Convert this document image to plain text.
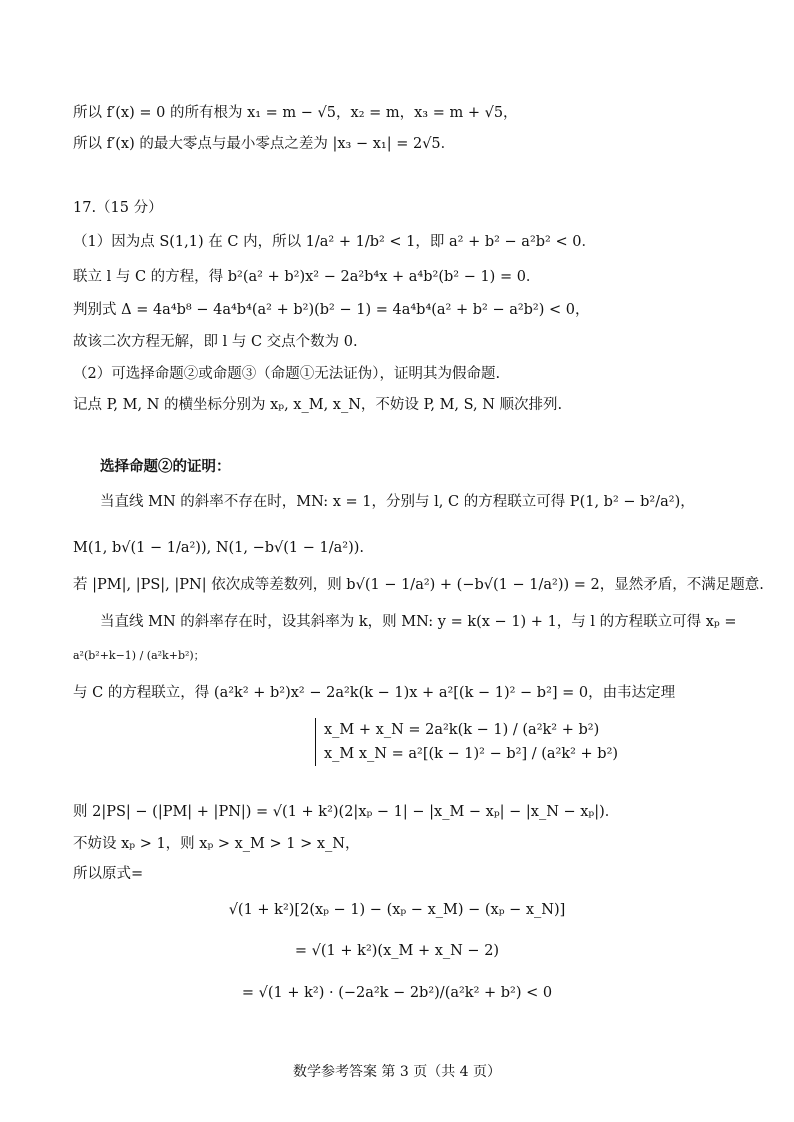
所以 f′(x) = 0 的所有根为 x₁ = m − √5，x₂ = m，x₃ = m + √5，
所以 f′(x) 的最大零点与最小零点之差为 |x₃ − x₁| = 2√5．
17.（15 分）
（1）因为点 S(1,1) 在 C 内，所以 1/a² + 1/b² < 1，即 a² + b² − a²b² < 0．
联立 l 与 C 的方程，得 b²(a² + b²)x² − 2a²b⁴x + a⁴b²(b² − 1) = 0．
判别式 Δ = 4a⁴b⁸ − 4a⁴b⁴(a² + b²)(b² − 1) = 4a⁴b⁴(a² + b² − a²b²) < 0，
故该二次方程无解，即 l 与 C 交点个数为 0.
（2）可选择命题②或命题③（命题①无法证伪），证明其为假命题.
记点 P, M, N 的横坐标分别为 xₚ, x_M, x_N，不妨设 P, M, S, N 顺次排列.
选择命题②的证明：
当直线 MN 的斜率不存在时，MN: x = 1，分别与 l, C 的方程联立可得 P(1, b² − b²/a²)，
M(1, b√(1 − 1/a²)), N(1, −b√(1 − 1/a²)).
若 |PM|, |PS|, |PN| 依次成等差数列，则 b√(1 − 1/a²) + (−b√(1 − 1/a²)) = 2，显然矛盾，不满足题意.
当直线 MN 的斜率存在时，设其斜率为 k，则 MN: y = k(x − 1) + 1，与 l 的方程联立可得 xₚ =
a²(b²+k−1) / (a²k+b²)；
与 C 的方程联立，得 (a²k² + b²)x² − 2a²k(k − 1)x + a²[(k − 1)² − b²] = 0，由韦达定理
x_M + x_N = 2a²k(k − 1) / (a²k² + b²)
x_M x_N = a²[(k − 1)² − b²] / (a²k² + b²)
则 2|PS| − (|PM| + |PN|) = √(1 + k²)(2|xₚ − 1| − |x_M − xₚ| − |x_N − xₚ|)．
不妨设 xₚ > 1，则 xₚ > x_M > 1 > x_N，
所以原式=
√(1 + k²)[2(xₚ − 1) − (xₚ − x_M) − (xₚ − x_N)]
= √(1 + k²)(x_M + x_N − 2)
= √(1 + k²) · (−2a²k − 2b²)/(a²k² + b²) < 0
数学参考答案 第 3 页（共 4 页）
